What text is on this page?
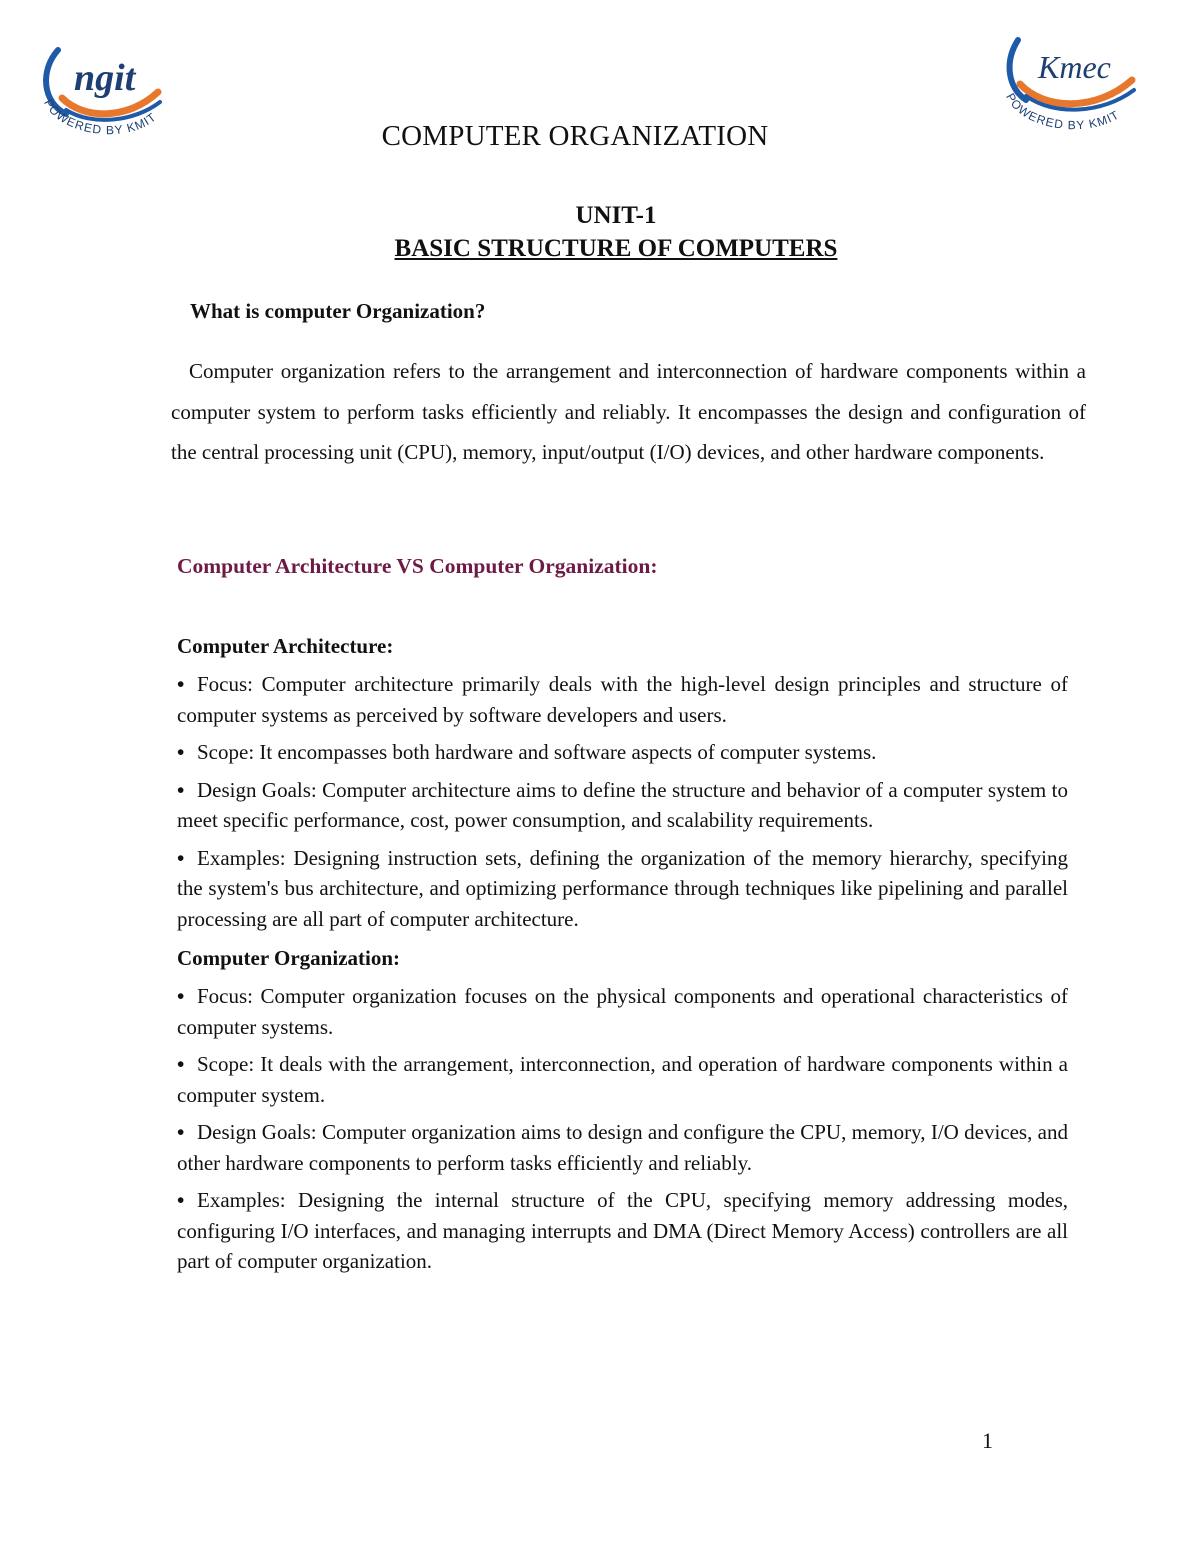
ngit
POWERED BY KMIT
Kmec
POWERED BY KMIT
COMPUTER ORGANIZATION
UNIT-1
BASIC STRUCTURE OF COMPUTERS
What is computer Organization?

Computer organization refers to the arrangement and interconnection of hardware components within a computer system to perform tasks efficiently and reliably. It encompasses the design and configuration of the central processing unit (CPU), memory, input/output (I/O) devices, and other hardware components.

Computer Architecture VS Computer Organization:
Computer Architecture:
• Focus: Computer architecture primarily deals with the high-level design principles and structure of computer systems as perceived by software developers and users.
• Scope: It encompasses both hardware and software aspects of computer systems.
• Design Goals: Computer architecture aims to define the structure and behavior of a computer system to meet specific performance, cost, power consumption, and scalability requirements.
• Examples: Designing instruction sets, defining the organization of the memory hierarchy, specifying the system's bus architecture, and optimizing performance through techniques like pipelining and parallel processing are all part of computer architecture.
Computer Organization:
• Focus: Computer organization focuses on the physical components and operational characteristics of computer systems.
• Scope: It deals with the arrangement, interconnection, and operation of hardware components within a computer system.
• Design Goals: Computer organization aims to design and configure the CPU, memory, I/O devices, and other hardware components to perform tasks efficiently and reliably.
• Examples: Designing the internal structure of the CPU, specifying memory addressing modes, configuring I/O interfaces, and managing interrupts and DMA (Direct Memory Access) controllers are all part of computer organization.
1
